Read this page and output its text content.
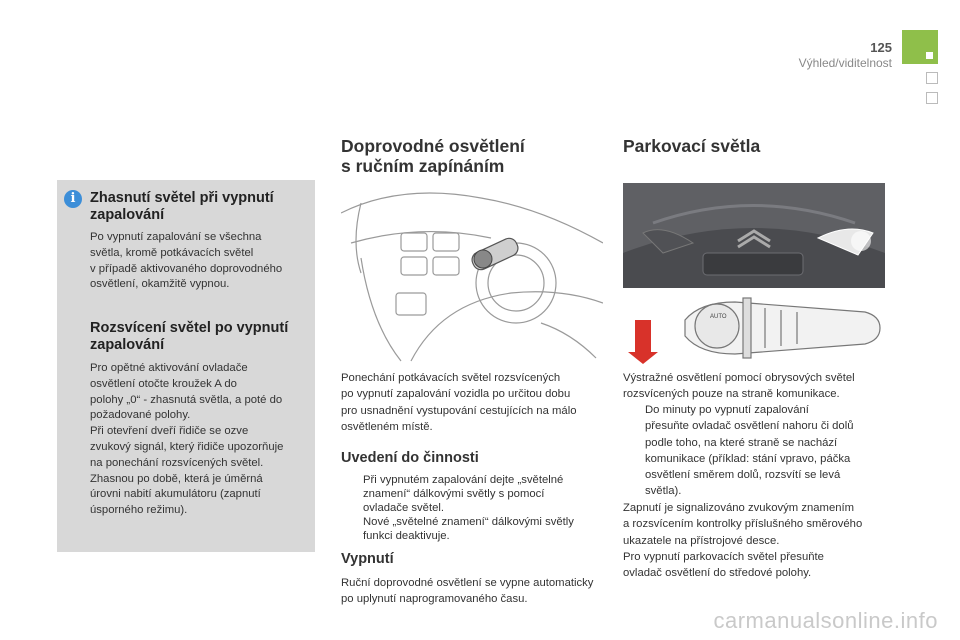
125
Výhled/viditelnost
i	Zhasnutí světel při vypnutí zapalování
Po vypnutí zapalování se všechna
světla, kromě potkávacích světel
v případě aktivovaného doprovodného
osvětlení, okamžitě vypnou.
Rozsvícení světel po vypnutí zapalování
Pro opětné aktivování ovladače
osvětlení otočte kroužek A do
polohy „0“ - zhasnutá světla, a poté do
požadované polohy.
Při otevření dveří řidiče se ozve
zvukový signál, který řidiče upozorňuje
na ponechání rozsvícených světel.
Zhasnou po době, která je úměrná
úrovni nabití akumulátoru (zapnutí
úsporného režimu).
Doprovodné osvětlení
s ručním zapínáním
Ponechání potkávacích světel rozsvícených
po vypnutí zapalování vozidla po určitou dobu
pro usnadnění vystupování cestujících na málo
osvětleném místě.
Uvedení do činnosti
Při vypnutém zapalování dejte „světelné
znamení“ dálkovými světly s pomocí
ovladače světel.
Nové „světelné znamení“ dálkovými světly
funkci deaktivuje.
Vypnutí
Ruční doprovodné osvětlení se vypne automaticky
po uplynutí naprogramovaného času.
Parkovací světla
AUTO
Výstražné osvětlení pomocí obrysových světel
rozsvícených pouze na straně komunikace.
Do minuty po vypnutí zapalování
přesuňte ovladač osvětlení nahoru či dolů
podle toho, na které straně se nachází
komunikace (příklad: stání vpravo, páčka
osvětlení směrem dolů, rozsvítí se levá
světla).
Zapnutí je signalizováno zvukovým znamením
a rozsvícením kontrolky příslušného směrového
ukazatele na přístrojové desce.
Pro vypnutí parkovacích světel přesuňte
ovladač osvětlení do středové polohy.
carmanualsonline.info
